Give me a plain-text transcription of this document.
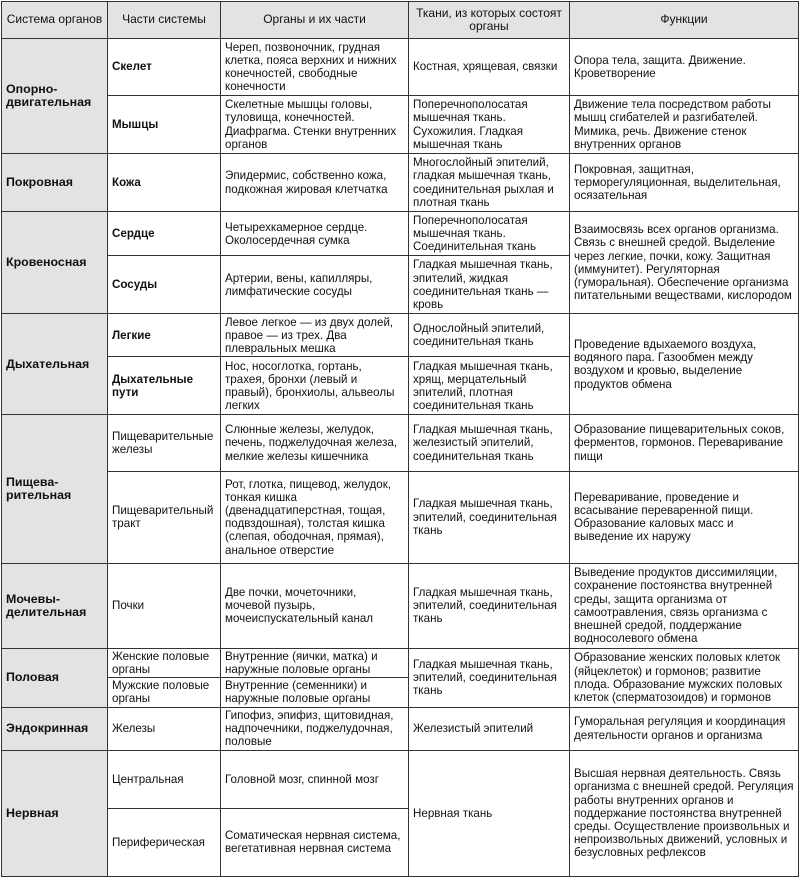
Система органов	Части системы	Органы и их части	Ткани, из которых состоят органы	Функции
Опорно-двигательная	Скелет	Череп, позвоночник, грудная клетка, пояса верхних и нижних конечностей, свободные конечности	Костная, хрящевая, связки	Опора тела, защита. Движение. Кроветворение
	Мышцы	Скелетные мышцы головы, туловища, конечностей. Диафрагма. Стенки внутренних органов	Поперечнополосатая мышечная ткань. Сухожилия. Гладкая мышечная ткань	Движение тела посредством работы мышц сгибателей и разгибателей. Мимика, речь. Движение стенок внутренних органов
Покровная	Кожа	Эпидермис, собственно кожа, подкожная жировая клетчатка	Многослойный эпителий, гладкая мышечная ткань, соединительная рыхлая и плотная ткань	Покровная, защитная, терморегуляционная, выделительная, осязательная
Кровеносная	Сердце	Четырехкамерное сердце. Околосердечная сумка	Поперечнополосатая мышечная ткань. Соединительная ткань	Взаимосвязь всех органов организма. Связь с внешней средой. Выделение через легкие, почки, кожу. Защитная (иммунитет). Регуляторная (гуморальная). Обеспечение организма питательными веществами, кислородом
	Сосуды	Артерии, вены, капилляры, лимфатические сосуды	Гладкая мышечная ткань, эпителий, жидкая соединительная ткань — кровь	
Дыхательная	Легкие	Левое легкое — из двух долей, правое — из трех. Два плевральных мешка	Однослойный эпителий, соединительная ткань	Проведение вдыхаемого воздуха, водяного пара. Газообмен между воздухом и кровью, выделение продуктов обмена
	Дыхательные пути	Нос, носоглотка, гортань, трахея, бронхи (левый и правый), бронхиолы, альвеолы легких	Гладкая мышечная ткань, хрящ, мерцательный эпителий, плотная соединительная ткань	
Пищева-рительная	Пищеварительные железы	Слюнные железы, желудок, печень, поджелудочная железа, мелкие железы кишечника	Гладкая мышечная ткань, железистый эпителий, соединительная ткань	Образование пищеварительных соков, ферментов, гормонов. Переваривание пищи
	Пищеварительный тракт	Рот, глотка, пищевод, желудок, тонкая кишка (двенадцатиперстная, тощая, подвздошная), толстая кишка (слепая, ободочная, прямая), анальное отверстие	Гладкая мышечная ткань, эпителий, соединительная ткань	Переваривание, проведение и всасывание переваренной пищи. Образование каловых масс и выведение их наружу
Мочевы-делительная	Почки	Две почки, мочеточники, мочевой пузырь, мочеиспускательный канал	Гладкая мышечная ткань, эпителий, соединительная ткань	Выведение продуктов диссимиляции, сохранение постоянства внутренней среды, защита организма от самоотравления, связь организма с внешней средой, поддержание водносолевого обмена
Половая	Женские половые органы	Внутренние (яички, матка) и наружные половые органы	Гладкая мышечная ткань, эпителий, соединительная ткань	Образование женских половых клеток (яйцеклеток) и гормонов; развитие плода. Образование мужских половых клеток (сперматозоидов) и гормонов
	Мужские половые органы	Внутренние (семенники) и наружные половые органы		
Эндокринная	Железы	Гипофиз, эпифиз, щитовидная, надпочечники, поджелудочная, половые	Железистый эпителий	Гуморальная регуляция и координация деятельности органов и организма
Нервная	Центральная	Головной мозг, спинной мозг	Нервная ткань	Высшая нервная деятельность. Связь организма с внешней средой. Регуляция работы внутренних органов и поддержание постоянства внутренней среды. Осуществление произвольных и непроизвольных движений, условных и безусловных рефлексов
	Периферическая	Соматическая нервная система, вегетативная нервная система		
